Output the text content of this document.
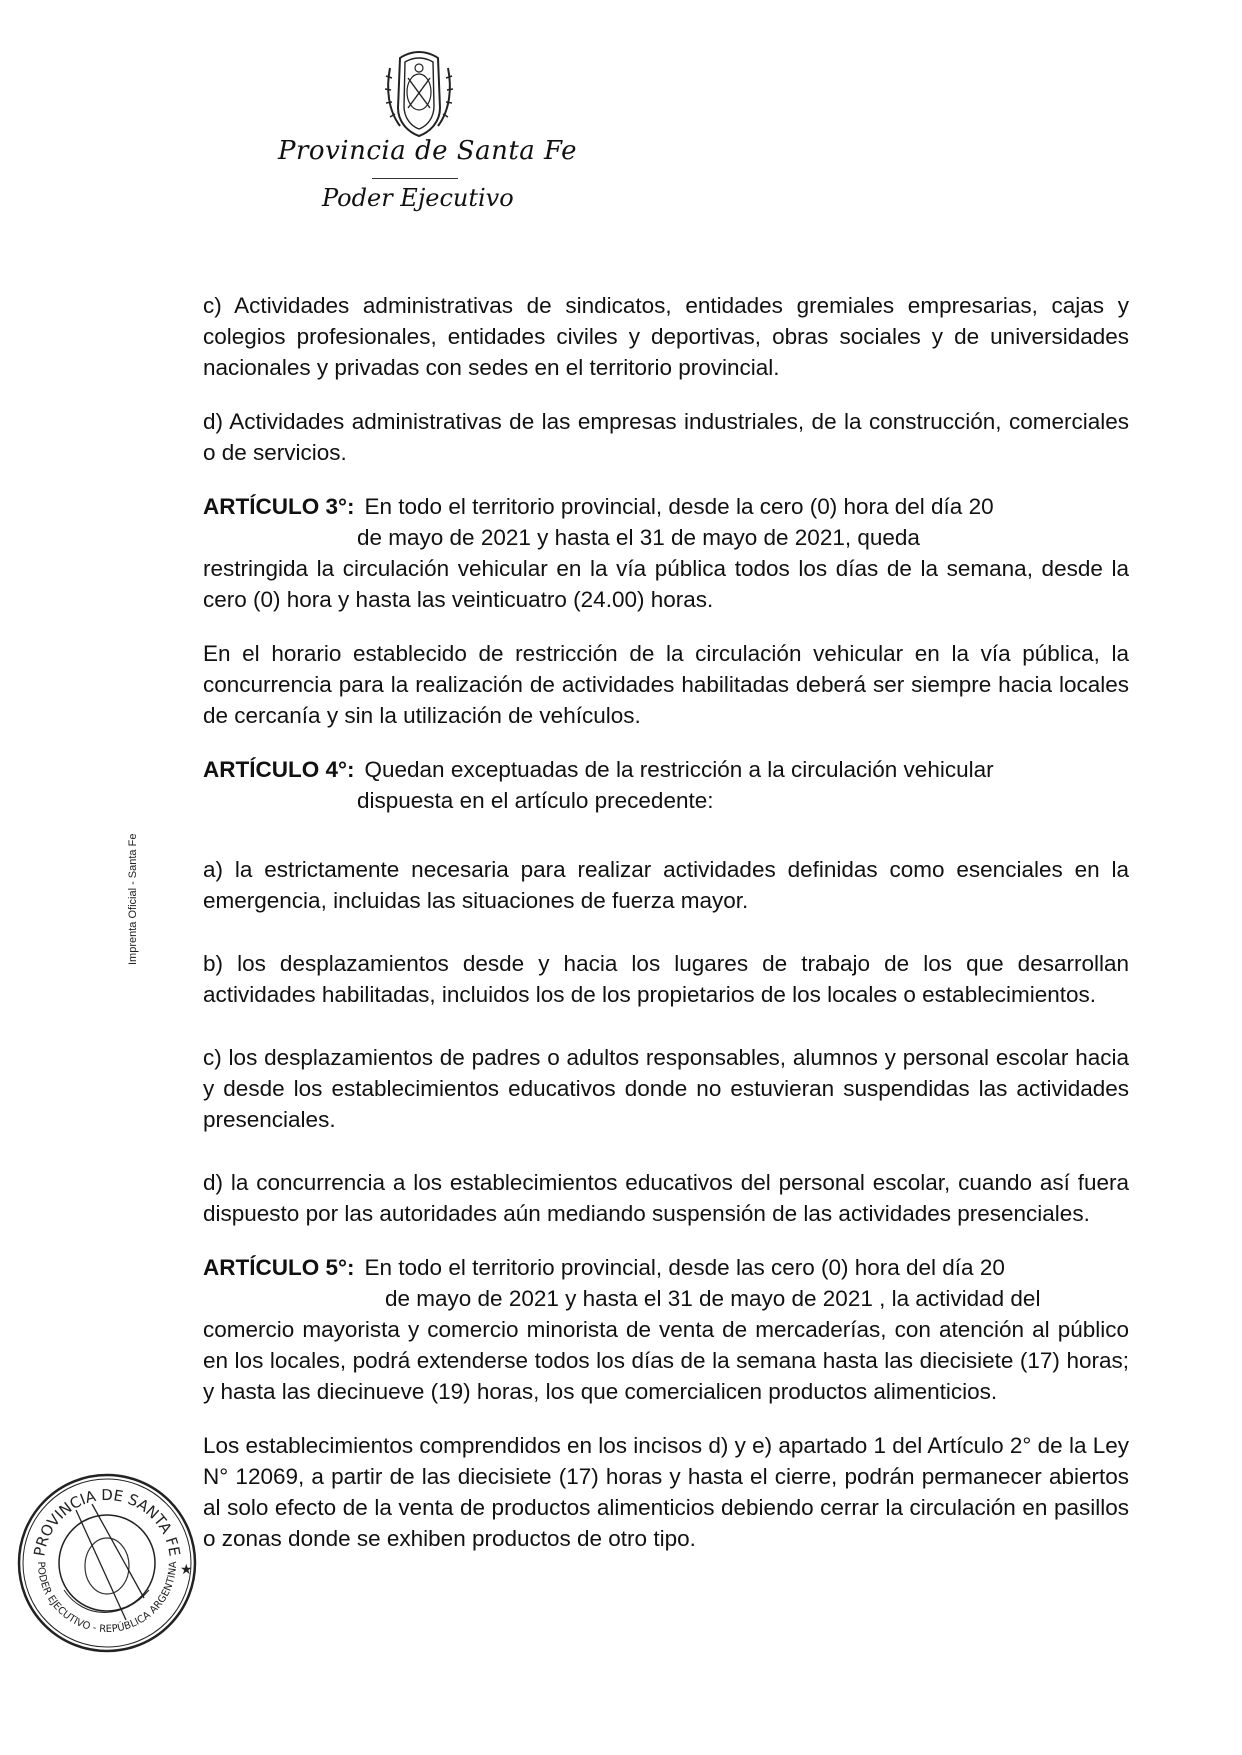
Provincia de Santa Fe
Poder Ejecutivo
Imprenta Oficial - Santa Fe

c) Actividades administrativas de sindicatos, entidades gremiales empresarias, cajas y colegios profesionales, entidades civiles y deportivas, obras sociales y de universidades nacionales y privadas con sedes en el territorio provincial.

d) Actividades administrativas de las empresas industriales, de la construcción, comerciales o de servicios.

ARTÍCULO 3°: En todo el territorio provincial, desde la cero (0) hora del día 20
de mayo de 2021 y hasta el 31 de mayo de 2021, queda
restringida la circulación vehicular en la vía pública todos los días de la semana, desde la cero (0) hora y hasta las veinticuatro (24.00) horas.

En el horario establecido de restricción de la circulación vehicular en la vía pública, la concurrencia para la realización de actividades habilitadas deberá ser siempre hacia locales de cercanía y sin la utilización de vehículos.

ARTÍCULO 4°: Quedan exceptuadas de la restricción a la circulación vehicular
dispuesta en el artículo precedente:

a) la estrictamente necesaria para realizar actividades definidas como esenciales en la emergencia, incluidas las situaciones de fuerza mayor.

b) los desplazamientos desde y hacia los lugares de trabajo de los que desarrollan actividades habilitadas, incluidos los de los propietarios de los locales o establecimientos.

c) los desplazamientos de padres o adultos responsables, alumnos y personal escolar hacia y desde los establecimientos educativos donde no estuvieran suspendidas las actividades presenciales.

d) la concurrencia a los establecimientos educativos del personal escolar, cuando así fuera dispuesto por las autoridades aún mediando suspensión de las actividades presenciales.

ARTÍCULO 5°: En todo el territorio provincial, desde las cero (0) hora del día 20
de mayo de 2021 y hasta el 31 de mayo de 2021 , la actividad del
comercio mayorista y comercio minorista de venta de mercaderías, con atención al público en los locales, podrá extenderse todos los días de la semana hasta las diecisiete (17) horas; y hasta las diecinueve (19) horas, los que comercialicen productos alimenticios.

Los establecimientos comprendidos en los incisos d) y e) apartado 1 del Artículo 2° de la Ley N° 12069, a partir de las diecisiete (17) horas y hasta el cierre, podrán permanecer abiertos al solo efecto de la venta de productos alimenticios debiendo cerrar la circulación en pasillos o zonas donde se exhiben productos de otro tipo.

PROVINCIA DE SANTA FE
PODER EJECUTIVO - REPÚBLICA ARGENTINA ★
